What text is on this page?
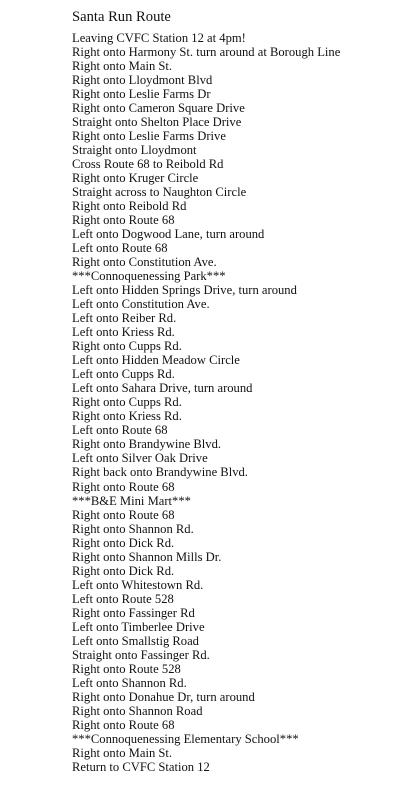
Santa Run Route
Leaving CVFC Station 12 at 4pm!
Right onto Harmony St. turn around at Borough Line
Right onto Main St.
Right onto Lloydmont Blvd
Right onto Leslie Farms Dr
Right onto Cameron Square Drive
Straight onto Shelton Place Drive
Right onto Leslie Farms Drive
Straight onto Lloydmont
Cross Route 68 to Reibold Rd
Right onto Kruger Circle
Straight across to Naughton Circle
Right onto Reibold Rd
Right onto Route 68
Left onto Dogwood Lane, turn around
Left onto Route 68
Right onto Constitution Ave.
***Connoquenessing Park***
Left onto Hidden Springs Drive, turn around
Left onto Constitution Ave.
Left onto Reiber Rd.
Left onto Kriess Rd.
Right onto Cupps Rd.
Left onto Hidden Meadow Circle
Left onto Cupps Rd.
Left onto Sahara Drive, turn around
Right onto Cupps Rd.
Right onto Kriess Rd.
Left onto Route 68
Right onto Brandywine Blvd.
Left onto Silver Oak Drive
Right back onto Brandywine Blvd.
Right onto Route 68
***B&E Mini Mart***
Right onto Route 68
Right onto Shannon Rd.
Right onto Dick Rd.
Right onto Shannon Mills Dr.
Right onto Dick Rd.
Left onto Whitestown Rd.
Left onto Route 528
Right onto Fassinger Rd
Left onto Timberlee Drive
Left onto Smallstig Road
Straight onto Fassinger Rd.
Right onto Route 528
Left onto Shannon Rd.
Right onto Donahue Dr, turn around
Right onto Shannon Road
Right onto Route 68
***Connoquenessing Elementary School***
Right onto Main St.
Return to CVFC Station 12
